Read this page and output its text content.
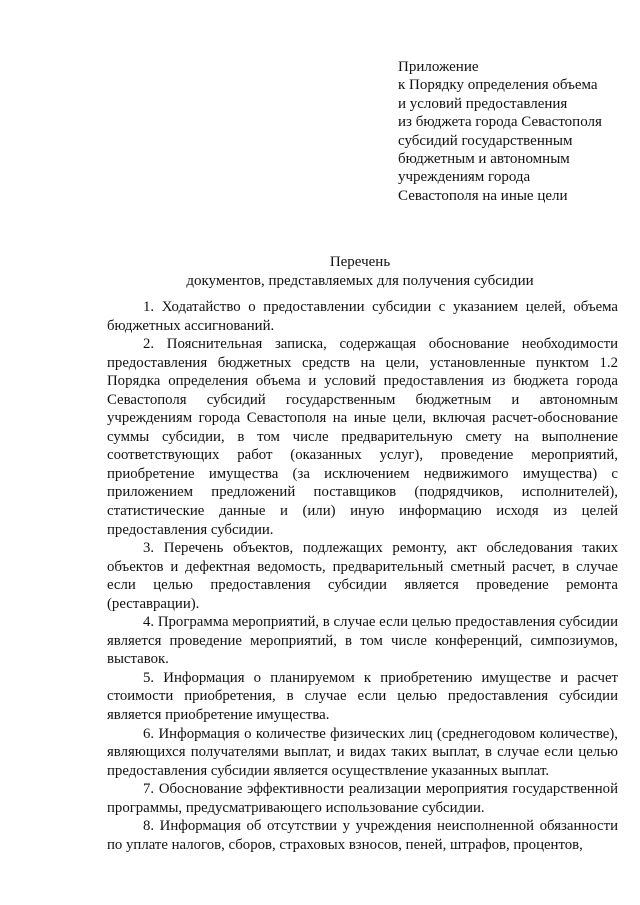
Приложение
к Порядку определения объема
и условий предоставления
из бюджета города Севастополя
субсидий государственным
бюджетным и автономным
учреждениям города
Севастополя на иные цели
Перечень
документов, представляемых для получения субсидии

1. Ходатайство о предоставлении субсидии с указанием целей, объема бюджетных ассигнований.

2. Пояснительная записка, содержащая обоснование необходимости предоставления бюджетных средств на цели, установленные пунктом 1.2 Порядка определения объема и условий предоставления из бюджета города Севастополя субсидий государственным бюджетным и автономным учреждениям города Севастополя на иные цели, включая расчет-обоснование суммы субсидии, в том числе предварительную смету на выполнение соответствующих работ (оказанных услуг), проведение мероприятий, приобретение имущества (за исключением недвижимого имущества) с приложением предложений поставщиков (подрядчиков, исполнителей), статистические данные и (или) иную информацию исходя из целей предоставления субсидии.

3. Перечень объектов, подлежащих ремонту, акт обследования таких объектов и дефектная ведомость, предварительный сметный расчет, в случае если целью предоставления субсидии является проведение ремонта (реставрации).

4. Программа мероприятий, в случае если целью предоставления субсидии является проведение мероприятий, в том числе конференций, симпозиумов, выставок.

5. Информация о планируемом к приобретению имуществе и расчет стоимости приобретения, в случае если целью предоставления субсидии является приобретение имущества.

6. Информация о количестве физических лиц (среднегодовом количестве), являющихся получателями выплат, и видах таких выплат, в случае если целью предоставления субсидии является осуществление указанных выплат.

7. Обоснование эффективности реализации мероприятия государственной программы, предусматривающего использование субсидии.

8. Информация об отсутствии у учреждения неисполненной обязанности по уплате налогов, сборов, страховых взносов, пеней, штрафов, процентов,
